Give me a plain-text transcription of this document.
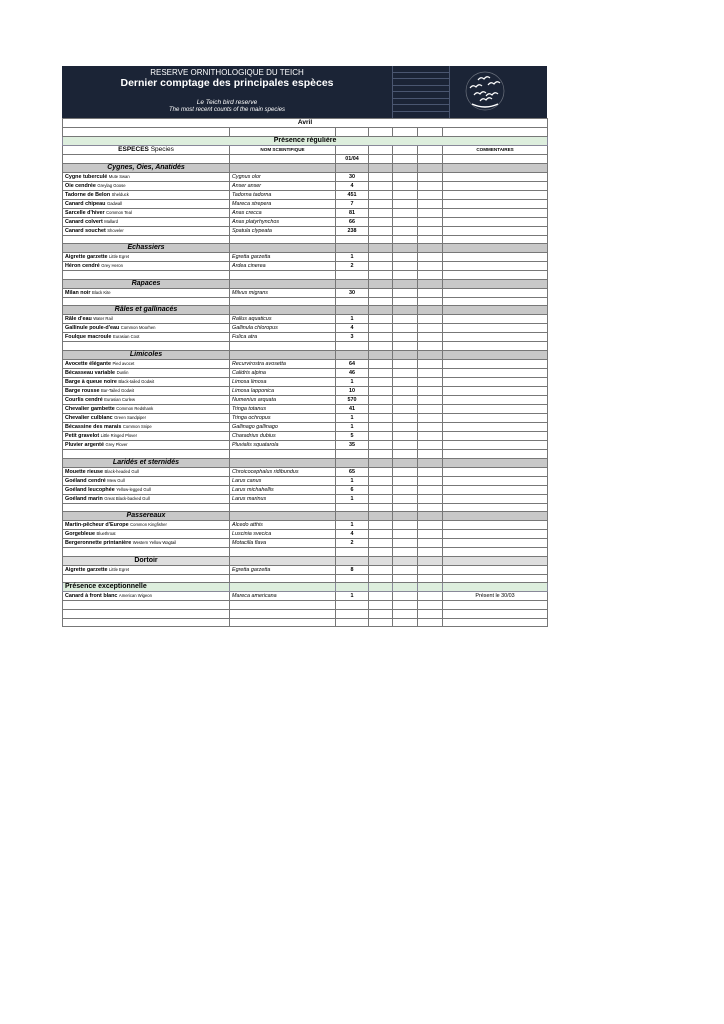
RESERVE ORNITHOLOGIQUE DU TEICH
Dernier comptage des principales espèces
Le Teich bird reserve
The most recent counts of the main species
Avril						

Présence régulière						
ESPECES Species	NOM SCIENTIFIQUE					COMMENTAIRES
		01/04				
Cygnes, Oies, Anatidés						
Cygne tuberculé Mute Swan	Cygnus olor	30				
Oie cendrée Greylag Goose	Anser anser	4				
Tadorne de Belon Shelduck	Tadorna tadorna	451				
Canard chipeau Gadwall	Mareca strepera	7				
Sarcelle d'hiver Common Teal	Anas crecca	81				
Canard colvert Mallard	Anas platyrhynchos	66				
Canard souchet Shoveler	Spatula clypeata	238				

Echassiers						
Aigrette garzette Little Egret	Egretta garzetta	1				
Héron cendré Grey Heron	Ardea cinerea	2				

Rapaces						
Milan noir Black Kite	Milvus migrans	30				

Râles et gallinacés						
Râle d'eau Water Rail	Rallus aquaticus	1				
Gallinule poule-d'eau Common Moorhen	Gallinula chloropus	4				
Foulque macroule Eurasian Coot	Fulica atra	3				

Limicoles						
Avocette élégante Pied avocet	Recurvirostra avosetta	64				
Bécasseau variable Dunlin	Calidris alpina	46				
Barge à queue noire Black-tailed Godwit	Limosa limosa	1				
Barge rousse Bar-Tailed Godwit	Limosa lapponica	10				
Courlis cendré Eurasian Curlew	Numenius arquata	570				
Chevalier gambette Common Redshank	Tringa totanus	41				
Chevalier culblanc Green Sandpiper	Tringa ochropus	1				
Bécassine des marais Common Snipe	Gallinago gallinago	1				
Petit gravelot Little Ringed Plover	Charadrius dubius	5				
Pluvier argenté Grey Plover	Pluvialis squatarola	35				

Laridés et sternidés						
Mouette rieuse Black-headed Gull	Chroicocephalus ridibundus	65				
Goéland cendré Mew Gull	Larus canus	1				
Goéland leucophée Yellow-legged Gull	Larus michahellis	6				
Goéland marin Great Black-backed Gull	Larus marinus	1				

Passereaux						
Martin-pêcheur d'Europe Common Kingfisher	Alcedo atthis	1				
Gorgebleue Bluethroat	Luscinia svecica	4				
Bergeronnette printanière Western Yellow Wagtail	Motacilla flava	2				

Dortoir						
Aigrette garzette Little Egret	Egretta garzetta	8				

Présence exceptionnelle						
Canard à front blanc American Wigeon	Mareca americana	1				Présent le 30/03
